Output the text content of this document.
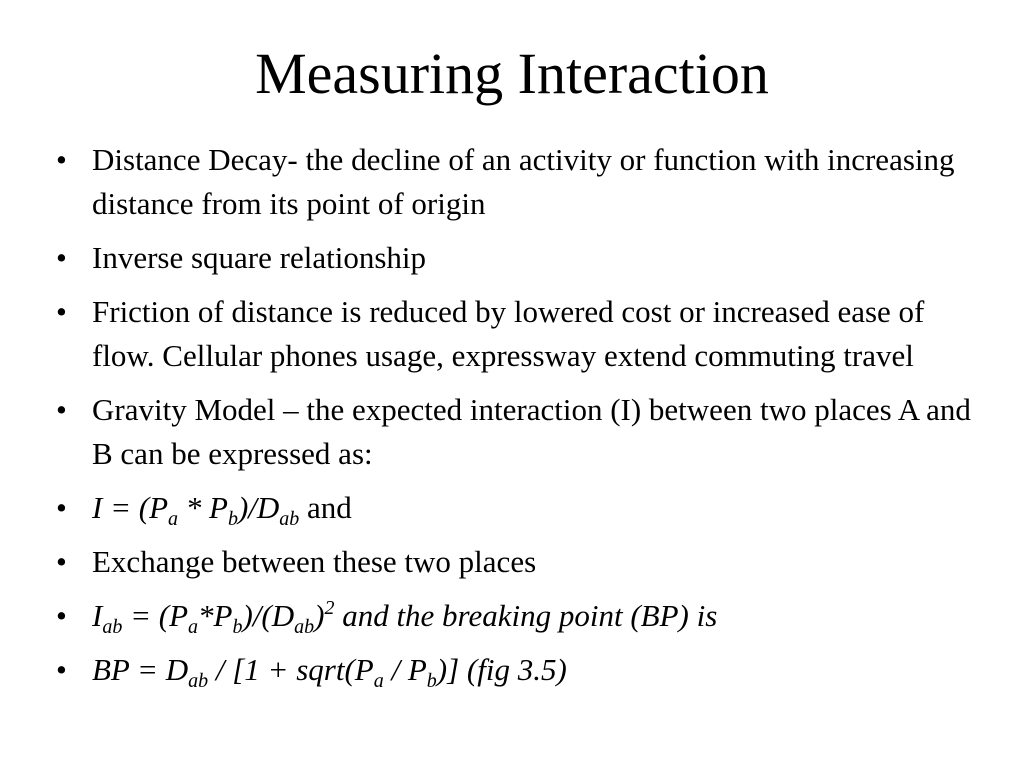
Measuring Interaction
• Distance Decay- the decline of an activity or function with increasing distance from its point of origin
• Inverse square relationship
• Friction of distance is reduced by lowered cost or increased ease of flow. Cellular phones usage, expressway extend commuting travel
• Gravity Model – the expected interaction (I) between two places A and B can be expressed as:
• $I = (P_a * P_b)/D_{ab}$ and
• Exchange between these two places
• $I_{ab} = (P_a*P_b)/(D_{ab})^2$ and the breaking point (BP) is
• BP = $D_{ab} / [1$ + $sqrt(P_a / P_b)$] (fig 3.5)
